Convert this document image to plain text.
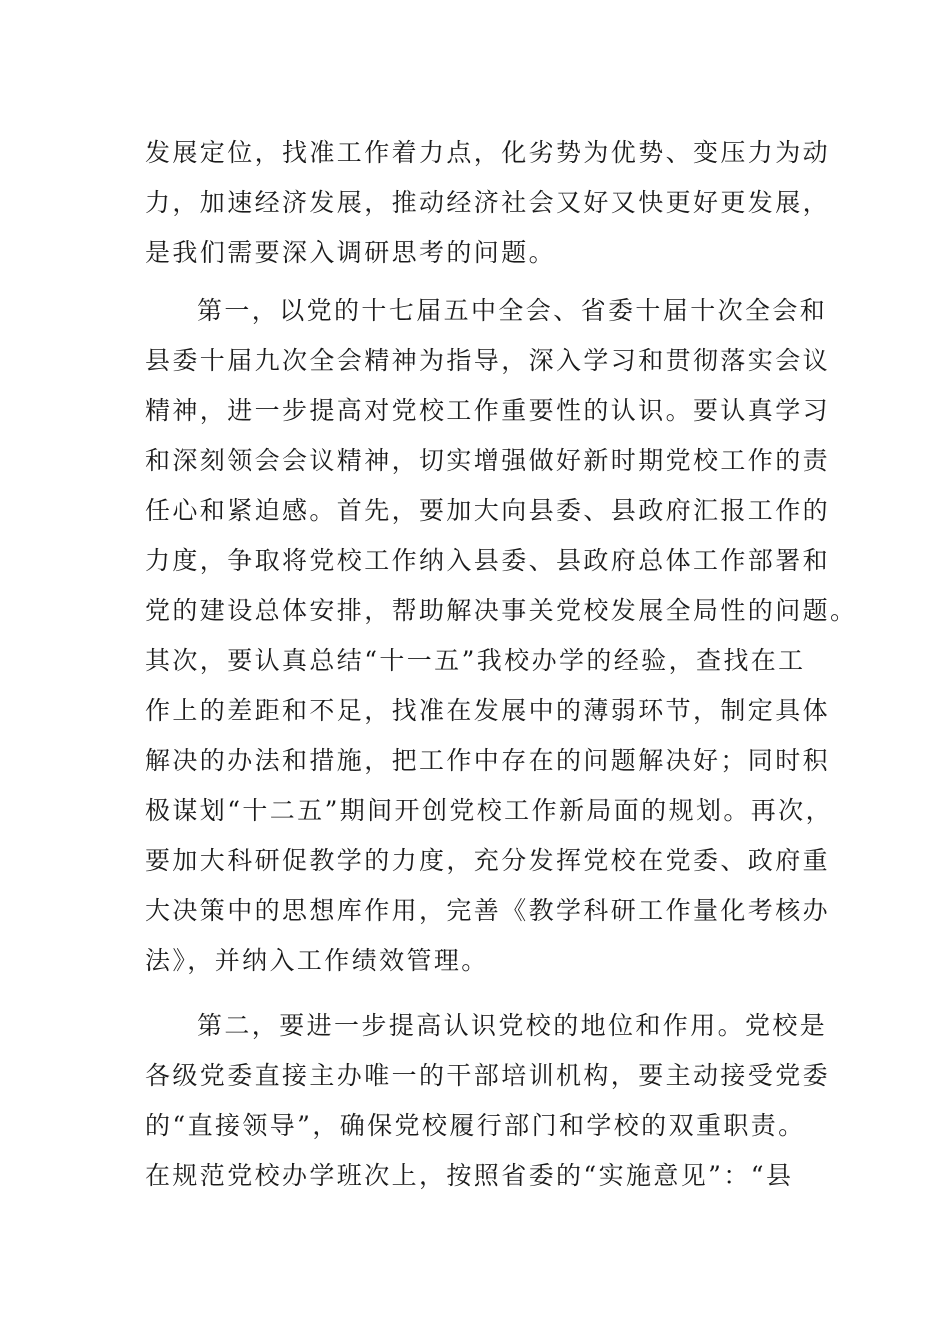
发展定位，找准工作着力点，化劣势为优势、变压力为动
力，加速经济发展，推动经济社会又好又快更好更发展，
是我们需要深入调研思考的问题。
第一，以党的十七届五中全会、省委十届十次全会和
县委十届九次全会精神为指导，深入学习和贯彻落实会议
精神，进一步提高对党校工作重要性的认识。要认真学习
和深刻领会会议精神，切实增强做好新时期党校工作的责
任心和紧迫感。首先，要加大向县委、县政府汇报工作的
力度，争取将党校工作纳入县委、县政府总体工作部署和
党的建设总体安排，帮助解决事关党校发展全局性的问题。
其次，要认真总结“十一五”我校办学的经验，查找在工
作上的差距和不足，找准在发展中的薄弱环节，制定具体
解决的办法和措施，把工作中存在的问题解决好；同时积
极谋划“十二五”期间开创党校工作新局面的规划。再次，
要加大科研促教学的力度，充分发挥党校在党委、政府重
大决策中的思想库作用，完善《教学科研工作量化考核办
法》，并纳入工作绩效管理。
第二，要进一步提高认识党校的地位和作用。党校是
各级党委直接主办唯一的干部培训机构，要主动接受党委
的“直接领导”，确保党校履行部门和学校的双重职责。
在规范党校办学班次上，按照省委的“实施意见”：“县
